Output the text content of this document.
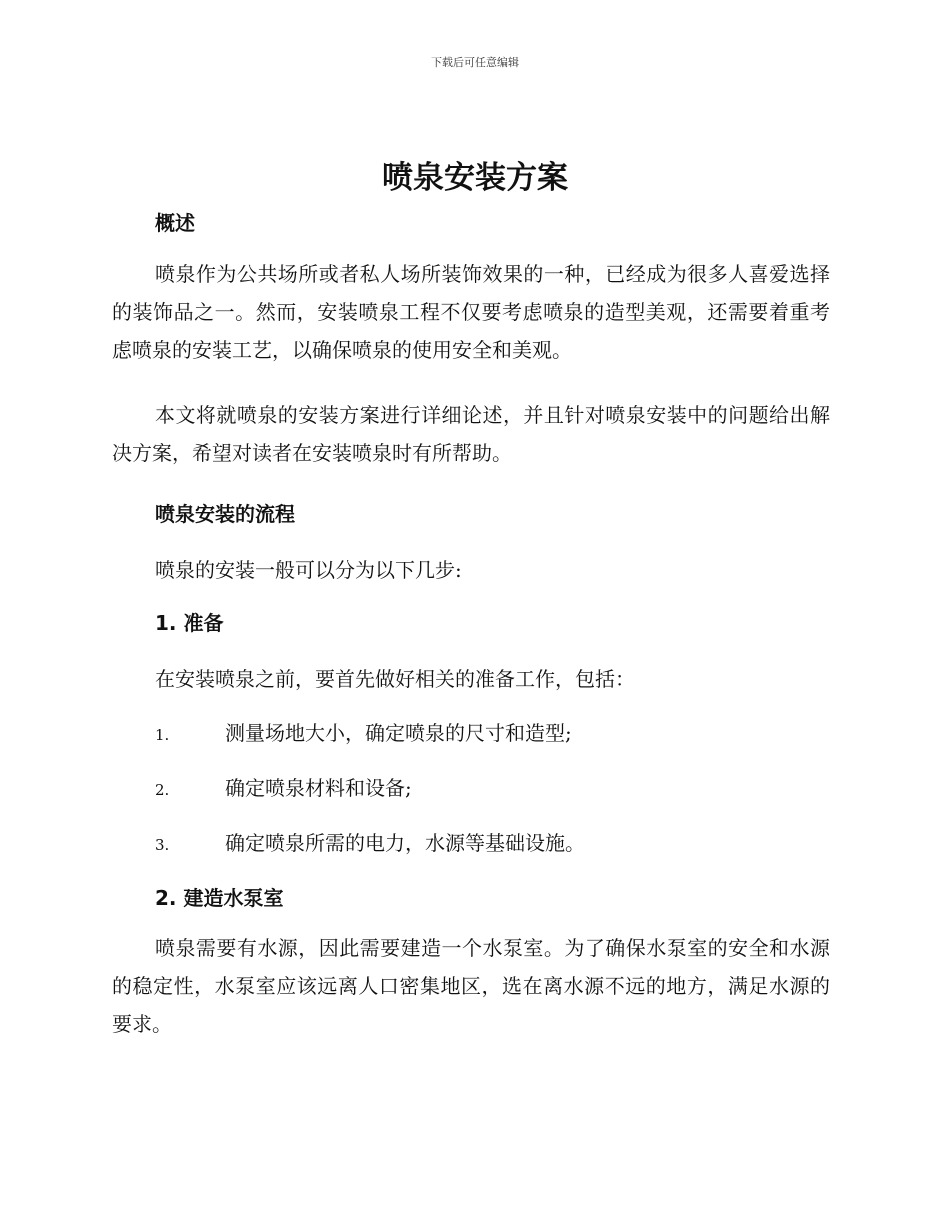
下载后可任意编辑
喷泉安装方案
概述

喷泉作为公共场所或者私人场所装饰效果的一种，已经成为很多人喜爱选择的装饰品之一。然而，安装喷泉工程不仅要考虑喷泉的造型美观，还需要着重考虑喷泉的安装工艺，以确保喷泉的使用安全和美观。

本文将就喷泉的安装方案进行详细论述，并且针对喷泉安装中的问题给出解决方案，希望对读者在安装喷泉时有所帮助。

喷泉安装的流程

喷泉的安装一般可以分为以下几步:

1. 准备

在安装喷泉之前，要首先做好相关的准备工作，包括：

1.	测量场地大小，确定喷泉的尺寸和造型;
2.	确定喷泉材料和设备;
3.	确定喷泉所需的电力，水源等基础设施。
2. 建造水泵室

喷泉需要有水源，因此需要建造一个水泵室。为了确保水泵室的安全和水源的稳定性，水泵室应该远离人口密集地区，选在离水源不远的地方，满足水源的要求。
